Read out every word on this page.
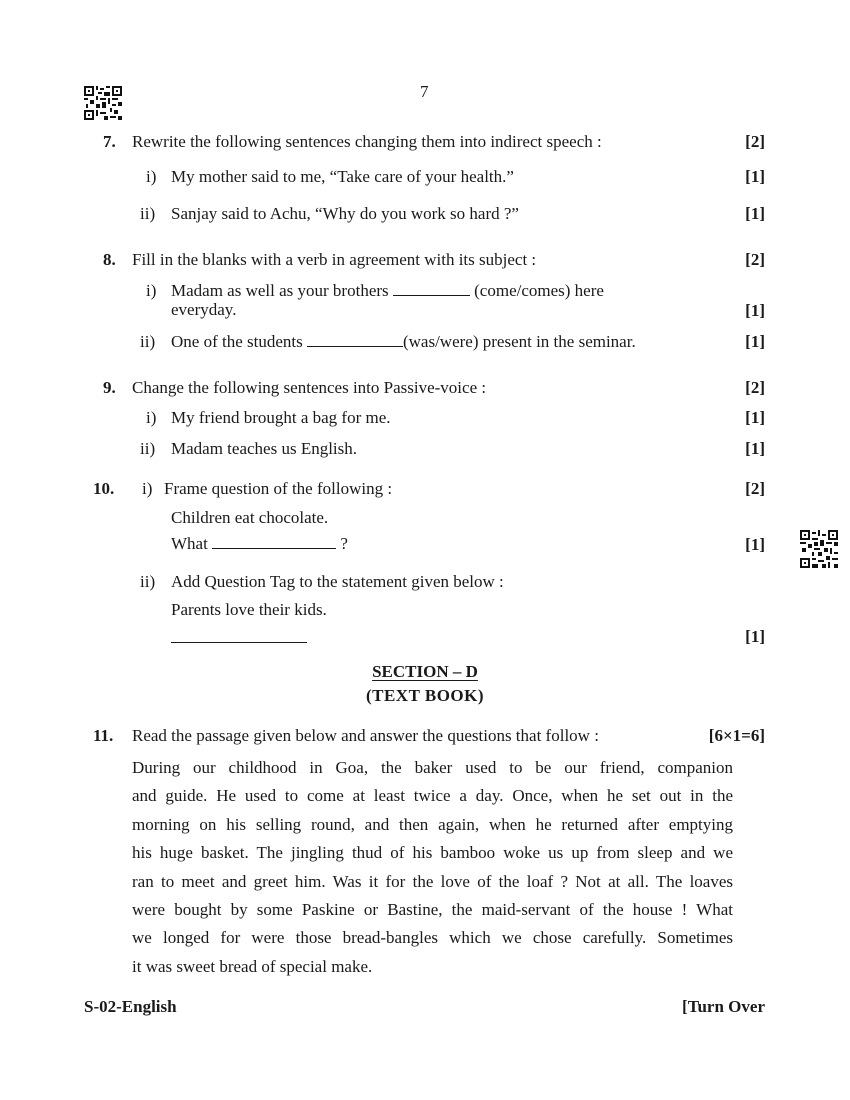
7
7. Rewrite the following sentences changing them into indirect speech :	[2]
i) My mother said to me, “Take care of your health.”	[1]
ii) Sanjay said to Achu, “Why do you work so hard ?”	[1]
8. Fill in the blanks with a verb in agreement with its subject :	[2]
i) Madam as well as your brothers	(come/comes) here
everyday.	[1]
ii) One of the students	(was/were) present in the seminar.	[1]
9. Change the following sentences into Passive-voice :	[2]
i) My friend brought a bag for me.	[1]
ii) Madam teaches us English.	[1]
10. i) Frame question of the following :	[2]
Children eat chocolate.
What	?	[1]
ii) Add Question Tag to the statement given below :
Parents love their kids.
[1]
SECTION – D
(TEXT BOOK)
11. Read the passage given below and answer the questions that follow :	[6×1=6]
During our childhood in Goa, the baker used to be our friend, companion
and guide. He used to come at least twice a day. Once, when he set out in the
morning on his selling round, and then again, when he returned after emptying
his huge basket. The jingling thud of his bamboo woke us up from sleep and we
ran to meet and greet him. Was it for the love of the loaf ? Not at all. The loaves
were bought by some Paskine or Bastine, the maid-servant of the house ! What
we longed for were those bread-bangles which we chose carefully. Sometimes
it was sweet bread of special make.
S-02-English	[Turn Over
